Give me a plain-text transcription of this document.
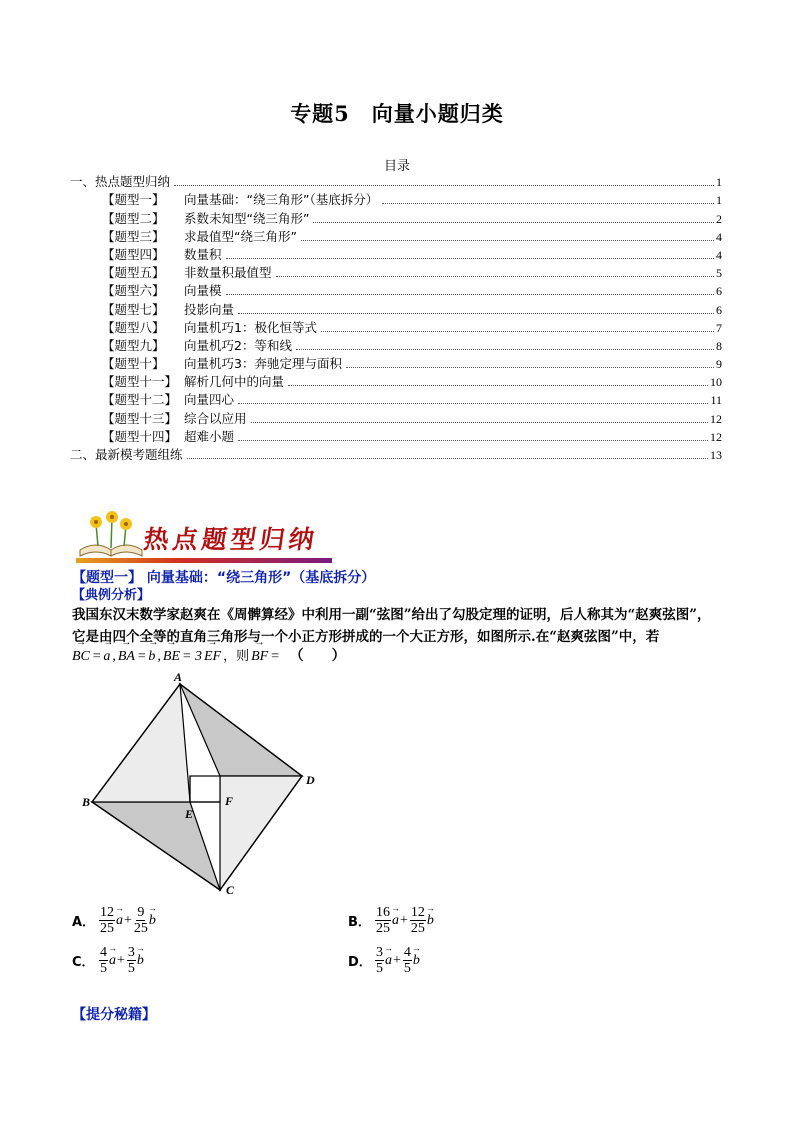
专题5　向量小题归类
目录
一、热点题型归纳	1
【题型一】	向量基础：“绕三角形”（基底拆分）	1
【题型二】	系数未知型“绕三角形”	2
【题型三】	求最值型“绕三角形”	4
【题型四】	数量积	4
【题型五】	非数量积最值型	5
【题型六】	向量模	6
【题型七】	投影向量	6
【题型八】	向量机巧1：极化恒等式	7
【题型九】	向量机巧2：等和线	8
【题型十】	向量机巧3：奔驰定理与面积	9
【题型十一】 解析几何中的向量	10
【题型十二】 向量四心	11
【题型十三】 综合以应用	12
【题型十四】 超难小题	12
二、最新模考题组练	13
热点题型归纳
【题型一】 向量基础：“绕三角形”（基底拆分）
【典例分析】
我国东汉末数学家赵爽在《周髀算经》中利用一副“弦图”给出了勾股定理的证明，后人称其为“赵爽弦图”，
它是由四个全等的直角三角形与一个小正方形拼成的一个大正方形，如图所示.在“赵爽弦图”中，若
→ BC = → a , → BA = → b , → BE = 3 → EF ，则 → BF = （　　）
A
D
C
B
E
F
A． $\frac{12}{25} \to a + \frac{9}{25} \to b$	B． $\frac{16}{25} \to a + \frac{12}{25} \to b$
C． $\frac{4}{5} \to a + \frac{3}{5} \to b$	D． $\frac{3}{5} \to a + \frac{4}{5} \to b$
【提分秘籍】
